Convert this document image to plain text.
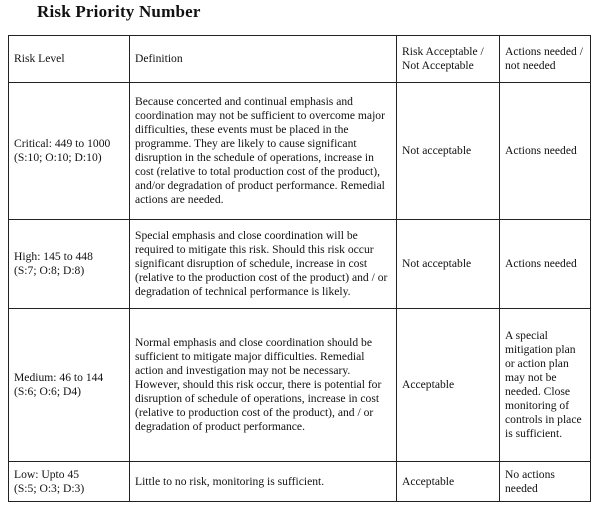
Risk Priority Number
Risk Level	Definition	Risk Acceptable / Not Acceptable	Actions needed / not needed

Critical: 449 to 1000
(S:10; O:10; D:10)	Because concerted and continual emphasis and coordination may not be sufficient to overcome major difficulties, these events must be placed in the programme. They are likely to cause significant disruption in the schedule of operations, increase in cost (relative to total production cost of the product), and/or degradation of product performance. Remedial actions are needed.	Not acceptable	Actions needed

High: 145 to 448
(S:7; O:8; D:8)	Special emphasis and close coordination will be required to mitigate this risk. Should this risk occur significant disruption of schedule, increase in cost (relative to the production cost of the product) and / or degradation of technical performance is likely.	Not acceptable	Actions needed

Medium: 46 to 144
(S:6; O:6; D4)	Normal emphasis and close coordination should be sufficient to mitigate major difficulties. Remedial action and investigation may not be necessary. However, should this risk occur, there is potential for disruption of schedule of operations, increase in cost (relative to production cost of the product), and / or degradation of product performance.	Acceptable	A special mitigation plan or action plan may not be needed. Close monitoring of controls in place is sufficient.

Low: Upto 45
(S:5; O:3; D:3)	Little to no risk, monitoring is sufficient.	Acceptable	No actions needed
